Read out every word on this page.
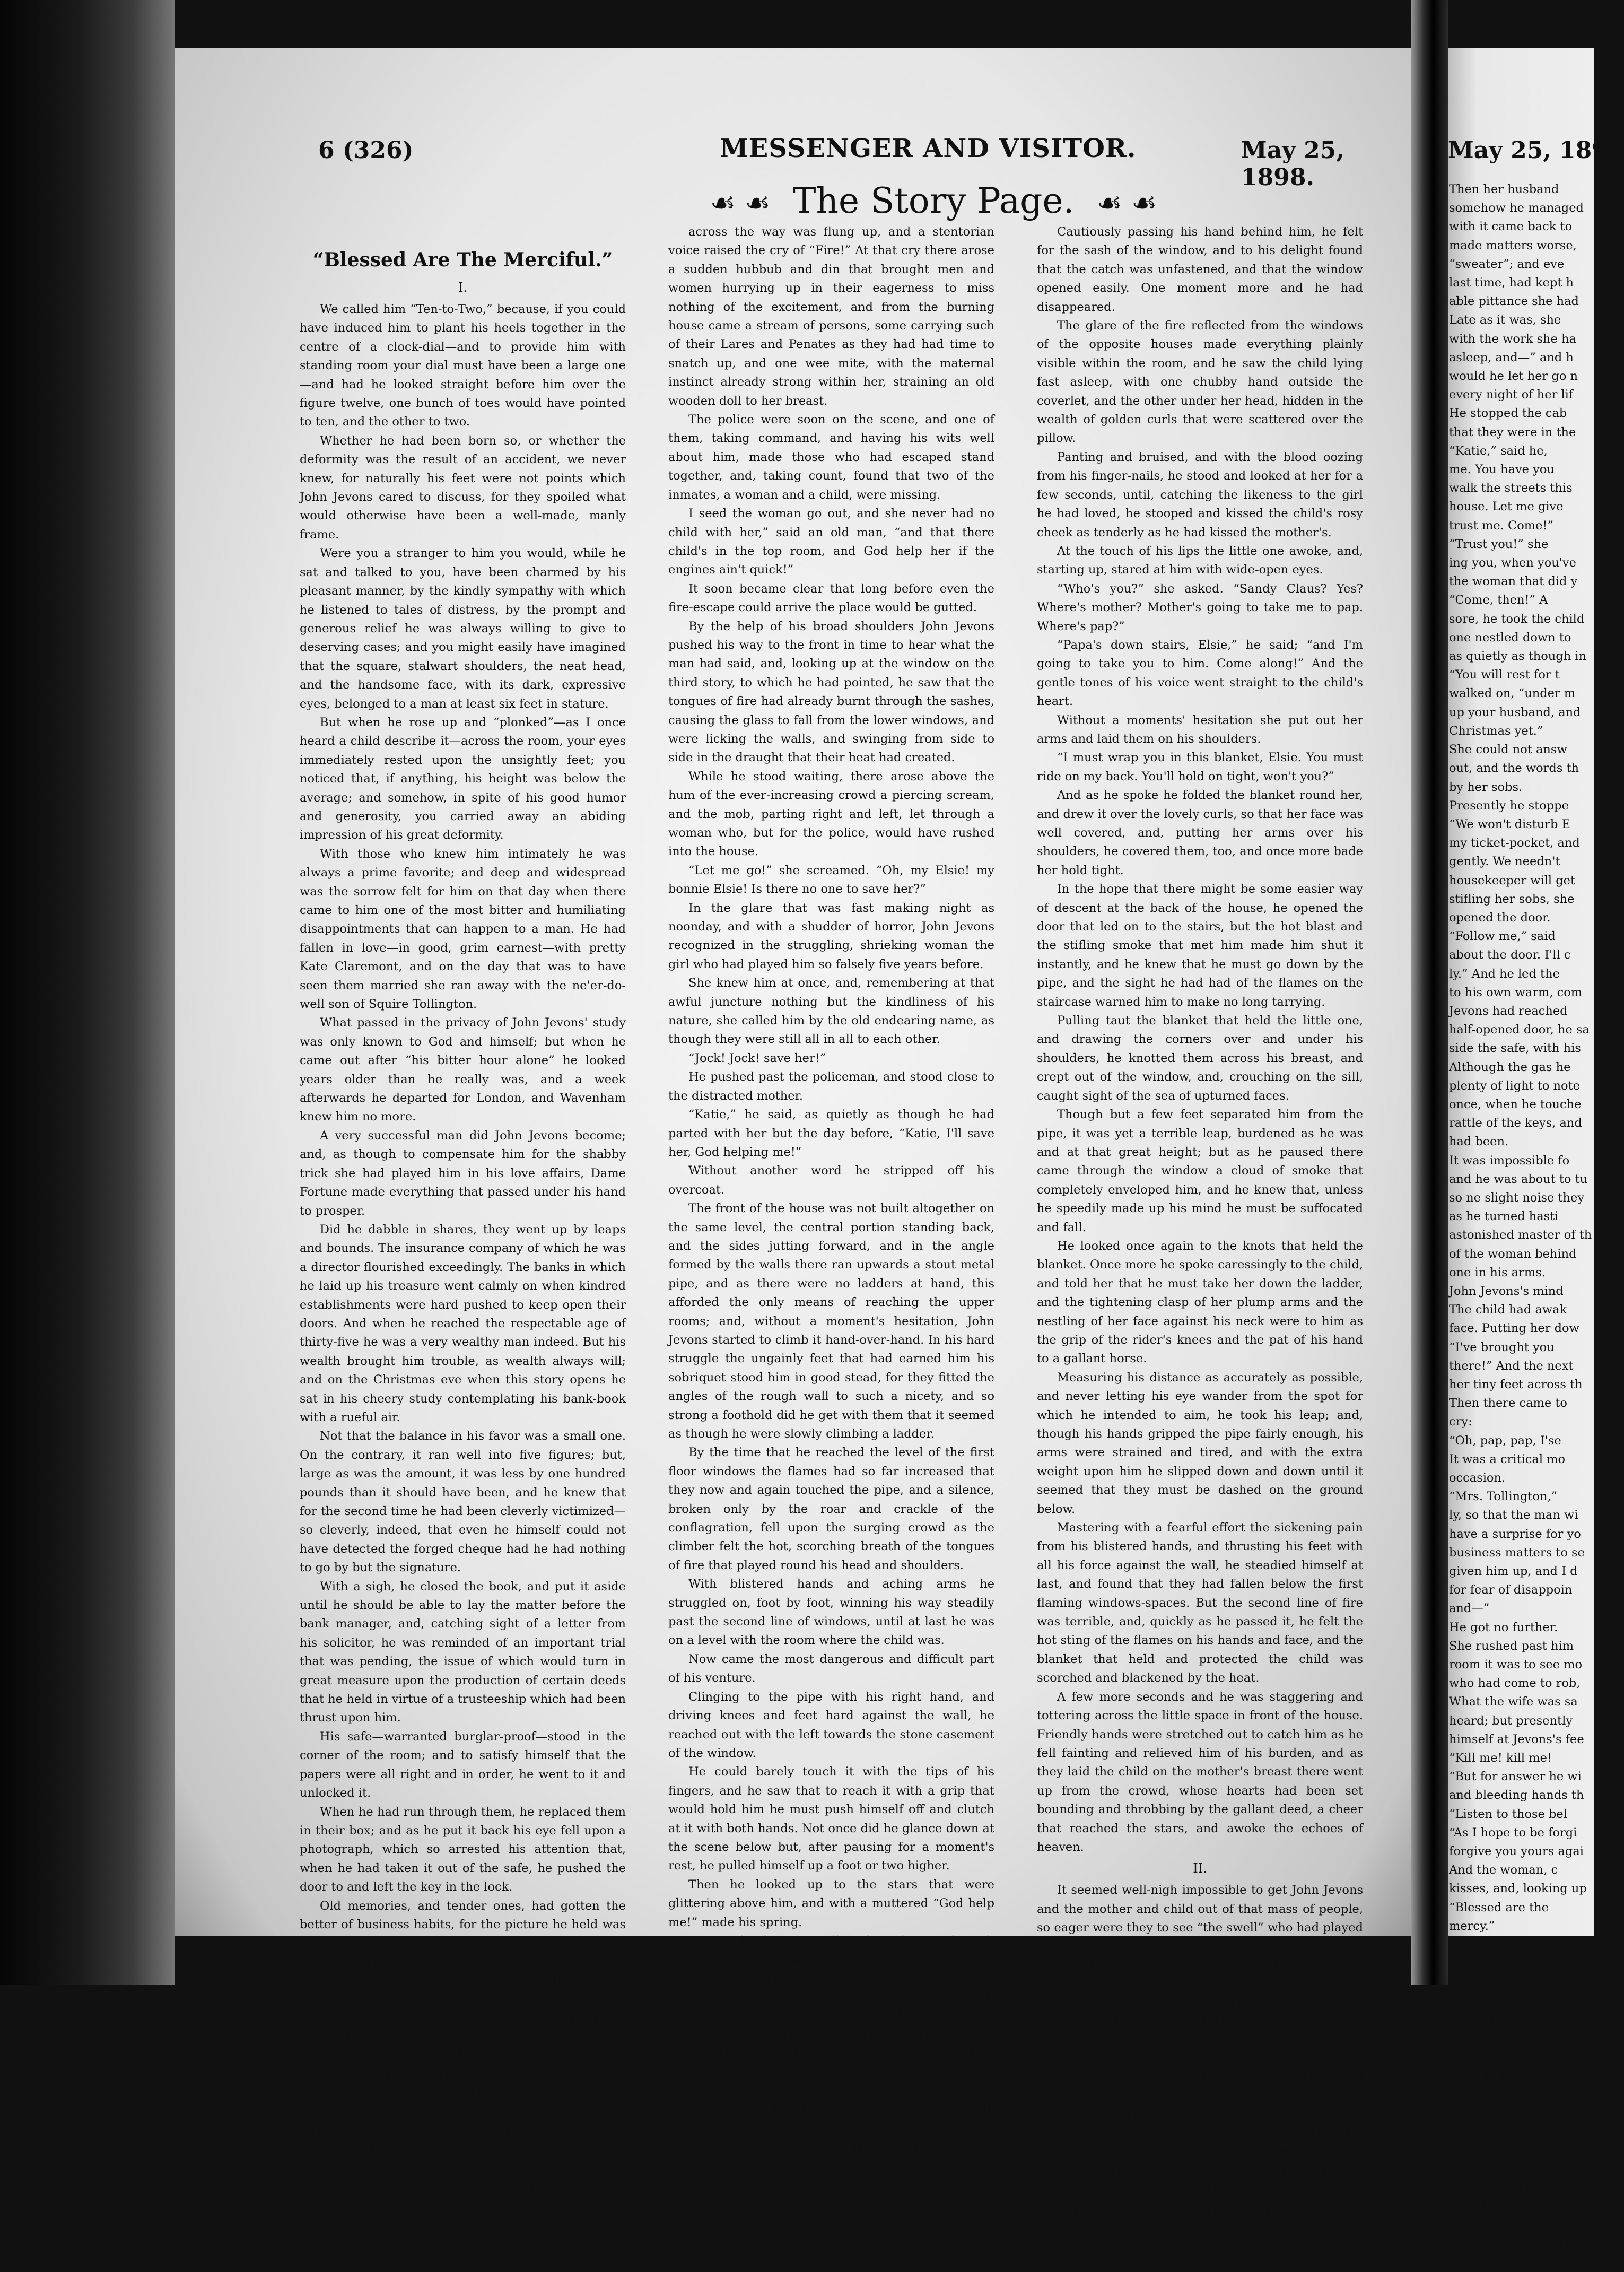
6 (326)	MESSENGER AND VISITOR.	May 25, 1898.
☙ ☙ The Story Page. ☙ ☙
“Blessed Are The Merciful.”
I.

We called him “Ten-to-Two,” because, if you could have induced him to plant his heels together in the centre of a clock-dial—and to provide him with standing room your dial must have been a large one—and had he looked straight before him over the figure twelve, one bunch of toes would have pointed to ten, and the other to two.

Whether he had been born so, or whether the deformity was the result of an accident, we never knew, for naturally his feet were not points which John Jevons cared to discuss, for they spoiled what would otherwise have been a well-made, manly frame.

Were you a stranger to him you would, while he sat and talked to you, have been charmed by his pleasant manner, by the kindly sympathy with which he listened to tales of distress, by the prompt and generous relief he was always willing to give to deserving cases; and you might easily have imagined that the square, stalwart shoulders, the neat head, and the handsome face, with its dark, expressive eyes, belonged to a man at least six feet in stature.

But when he rose up and “plonked”—as I once heard a child describe it—across the room, your eyes immediately rested upon the unsightly feet; you noticed that, if anything, his height was below the average; and somehow, in spite of his good humor and generosity, you carried away an abiding impression of his great deformity.

With those who knew him intimately he was always a prime favorite; and deep and widespread was the sorrow felt for him on that day when there came to him one of the most bitter and humiliating disappointments that can happen to a man. He had fallen in love—in good, grim earnest—with pretty Kate Claremont, and on the day that was to have seen them married she ran away with the ne'er-do-well son of Squire Tollington.

What passed in the privacy of John Jevons' study was only known to God and himself; but when he came out after “his bitter hour alone” he looked years older than he really was, and a week afterwards he departed for London, and Wavenham knew him no more.

A very successful man did John Jevons become; and, as though to compensate him for the shabby trick she had played him in his love affairs, Dame Fortune made everything that passed under his hand to prosper.

Did he dabble in shares, they went up by leaps and bounds. The insurance company of which he was a director flourished exceedingly. The banks in which he laid up his treasure went calmly on when kindred establishments were hard pushed to keep open their doors. And when he reached the respectable age of thirty-five he was a very wealthy man indeed. But his wealth brought him trouble, as wealth always will; and on the Christmas eve when this story opens he sat in his cheery study contemplating his bank-book with a rueful air.

Not that the balance in his favor was a small one. On the contrary, it ran well into five figures; but, large as was the amount, it was less by one hundred pounds than it should have been, and he knew that for the second time he had been cleverly victimized—so cleverly, indeed, that even he himself could not have detected the forged cheque had he had nothing to go by but the signature.

With a sigh, he closed the book, and put it aside until he should be able to lay the matter before the bank manager, and, catching sight of a letter from his solicitor, he was reminded of an important trial that was pending, the issue of which would turn in great measure upon the production of certain deeds that he held in virtue of a trusteeship which had been thrust upon him.

His safe—warranted burglar-proof—stood in the corner of the room; and to satisfy himself that the papers were all right and in order, he went to it and unlocked it.

When he had run through them, he replaced them in their box; and as he put it back his eye fell upon a photograph, which so arrested his attention that, when he had taken it out of the safe, he pushed the door to and left the key in the lock.

Old memories, and tender ones, had gotten the better of business habits, for the picture he held was that of Kate Claremont; and such a flood of bitter-sweet recollections came over him, so many clearly-cut visions of what might have been, that he sat staring into the fire for well-nigh half an hour.

It was getting late, the servants had all retired; but to drive away his sorrow he slipped a coat over his evening-dress—for he had been dining at the club—and went out into the streets.

The night was clear and frosty, and he moved along briskly, for he was a fast walker, in spite of his deformity, and presently found himself in a street with which he was not familiar. The houses on either side were lofty, but it was plain to behold that they were the dwellings of artisans and the like; and he was standing, undecided as to whether he should go on or turn back, when a window

across the way was flung up, and a stentorian voice raised the cry of “Fire!” At that cry there arose a sudden hubbub and din that brought men and women hurrying up in their eagerness to miss nothing of the excitement, and from the burning house came a stream of persons, some carrying such of their Lares and Penates as they had had time to snatch up, and one wee mite, with the maternal instinct already strong within her, straining an old wooden doll to her breast.

The police were soon on the scene, and one of them, taking command, and having his wits well about him, made those who had escaped stand together, and, taking count, found that two of the inmates, a woman and a child, were missing.

I seed the woman go out, and she never had no child with her,” said an old man, “and that there child's in the top room, and God help her if the engines ain't quick!”

It soon became clear that long before even the fire-escape could arrive the place would be gutted.

By the help of his broad shoulders John Jevons pushed his way to the front in time to hear what the man had said, and, looking up at the window on the third story, to which he had pointed, he saw that the tongues of fire had already burnt through the sashes, causing the glass to fall from the lower windows, and were licking the walls, and swinging from side to side in the draught that their heat had created.

While he stood waiting, there arose above the hum of the ever-increasing crowd a piercing scream, and the mob, parting right and left, let through a woman who, but for the police, would have rushed into the house.

“Let me go!” she screamed. “Oh, my Elsie! my bonnie Elsie! Is there no one to save her?”

In the glare that was fast making night as noonday, and with a shudder of horror, John Jevons recognized in the struggling, shrieking woman the girl who had played him so falsely five years before.

She knew him at once, and, remembering at that awful juncture nothing but the kindliness of his nature, she called him by the old endearing name, as though they were still all in all to each other.

“Jock! Jock! save her!”

He pushed past the policeman, and stood close to the distracted mother.

“Katie,” he said, as quietly as though he had parted with her but the day before, “Katie, I'll save her, God helping me!”

Without another word he stripped off his overcoat.

The front of the house was not built altogether on the same level, the central portion standing back, and the sides jutting forward, and in the angle formed by the walls there ran upwards a stout metal pipe, and as there were no ladders at hand, this afforded the only means of reaching the upper rooms; and, without a moment's hesitation, John Jevons started to climb it hand-over-hand. In his hard struggle the ungainly feet that had earned him his sobriquet stood him in good stead, for they fitted the angles of the rough wall to such a nicety, and so strong a foothold did he get with them that it seemed as though he were slowly climbing a ladder.

By the time that he reached the level of the first floor windows the flames had so far increased that they now and again touched the pipe, and a silence, broken only by the roar and crackle of the conflagration, fell upon the surging crowd as the climber felt the hot, scorching breath of the tongues of fire that played round his head and shoulders.

With blistered hands and aching arms he struggled on, foot by foot, winning his way steadily past the second line of windows, until at last he was on a level with the room where the child was.

Now came the most dangerous and difficult part of his venture.

Clinging to the pipe with his right hand, and driving knees and feet hard against the wall, he reached out with the left towards the stone casement of the window.

He could barely touch it with the tips of his fingers, and he saw that to reach it with a grip that would hold him he must push himself off and clutch at it with both hands. Not once did he glance down at the scene below but, after pausing for a moment's rest, he pulled himself up a foot or two higher.

Then he looked up to the stars that were glittering above him, and with a muttered “God help me!” made his spring.

He caught the stone sill fairly and squarely with both hands, and then began a struggle that made women faint and men turn shudderingly away.

Hanging up there forty feet above the ground, and right over the flames that seemed to leap at him, he strained upwards against the face of the wall until the muscles of his stalwart arms stood out like iron bands.

Inch by inch he struggled up with sheer, dogged pluck. Presently his elbows rested on the broad sill, and when at last, and with the nicest balance, he slowly turned and sat upon it, there went up from the crowd a sigh of relief.

Cautiously passing his hand behind him, he felt for the sash of the window, and to his delight found that the catch was unfastened, and that the window opened easily. One moment more and he had disappeared.

The glare of the fire reflected from the windows of the opposite houses made everything plainly visible within the room, and he saw the child lying fast asleep, with one chubby hand outside the coverlet, and the other under her head, hidden in the wealth of golden curls that were scattered over the pillow.

Panting and bruised, and with the blood oozing from his finger-nails, he stood and looked at her for a few seconds, until, catching the likeness to the girl he had loved, he stooped and kissed the child's rosy cheek as tenderly as he had kissed the mother's.

At the touch of his lips the little one awoke, and, starting up, stared at him with wide-open eyes.

“Who's you?” she asked. “Sandy Claus? Yes? Where's mother? Mother's going to take me to pap. Where's pap?”

“Papa's down stairs, Elsie,” he said; “and I'm going to take you to him. Come along!” And the gentle tones of his voice went straight to the child's heart.

Without a moments' hesitation she put out her arms and laid them on his shoulders.

“I must wrap you in this blanket, Elsie. You must ride on my back. You'll hold on tight, won't you?”

And as he spoke he folded the blanket round her, and drew it over the lovely curls, so that her face was well covered, and, putting her arms over his shoulders, he covered them, too, and once more bade her hold tight.

In the hope that there might be some easier way of descent at the back of the house, he opened the door that led on to the stairs, but the hot blast and the stifling smoke that met him made him shut it instantly, and he knew that he must go down by the pipe, and the sight he had had of the flames on the staircase warned him to make no long tarrying.

Pulling taut the blanket that held the little one, and drawing the corners over and under his shoulders, he knotted them across his breast, and crept out of the window, and, crouching on the sill, caught sight of the sea of upturned faces.

Though but a few feet separated him from the pipe, it was yet a terrible leap, burdened as he was and at that great height; but as he paused there came through the window a cloud of smoke that completely enveloped him, and he knew that, unless he speedily made up his mind he must be suffocated and fall.

He looked once again to the knots that held the blanket. Once more he spoke caressingly to the child, and told her that he must take her down the ladder, and the tightening clasp of her plump arms and the nestling of her face against his neck were to him as the grip of the rider's knees and the pat of his hand to a gallant horse.

Measuring his distance as accurately as possible, and never letting his eye wander from the spot for which he intended to aim, he took his leap; and, though his hands gripped the pipe fairly enough, his arms were strained and tired, and with the extra weight upon him he slipped down and down until it seemed that they must be dashed on the ground below.

Mastering with a fearful effort the sickening pain from his blistered hands, and thrusting his feet with all his force against the wall, he steadied himself at last, and found that they had fallen below the first flaming windows-spaces. But the second line of fire was terrible, and, quickly as he passed it, he felt the hot sting of the flames on his hands and face, and the blanket that held and protected the child was scorched and blackened by the heat.

A few more seconds and he was staggering and tottering across the little space in front of the house. Friendly hands were stretched out to catch him as he fell fainting and relieved him of his burden, and as they laid the child on the mother's breast there went up from the crowd, whose hearts had been set bounding and throbbing by the gallant deed, a cheer that reached the stars, and awoke the echoes of heaven.

II.

It seemed well-nigh impossible to get John Jevons and the mother and child out of that mass of people, so eager were they to see “the swell” who had played the hero; but an engine dashed up, and made a lane through them, and before it could be filled again the police had got the three through it and into a cab. As they drove to the address that Jevons had given, the mother, holding her child, told how she had come to this pass. For months she had seen nothing of her husband. They had come to London immediately after their marriage, and for a while had lived happily; but their money was soon spent, and then began a desperate struggle with poverty. Lower and lower they sank, and with no one to help them; for though they had both of them humbled themselves to ask aid of their people, they got nothing thereby except the cold comfort of hearing that, as they had made their beds, so they might lie on them.

May 25, 1898
Then her husband
somehow he managed
with it came back to
made matters worse,
“sweater”; and eve
last time, had kept h
able pittance she had
Late as it was, she
with the work she ha
asleep, and—” and h
would he let her go n
every night of her lif
He stopped the cab
that they were in the
“Katie,” said he,
me. You have you
walk the streets this
house. Let me give
trust me. Come!”
“Trust you!” she
ing you, when you've
the woman that did y
“Come, then!” A
sore, he took the child
one nestled down to
as quietly as though in
“You will rest for t
walked on, “under m
up your husband, and
Christmas yet.”
She could not answ
out, and the words th
by her sobs.
Presently he stoppe
“We won't disturb E
my ticket-pocket, and
gently. We needn't
housekeeper will get
stifling her sobs, she
opened the door.
“Follow me,” said
about the door. I'll c
ly.” And he led the
to his own warm, com
Jevons had reached
half-opened door, he sa
side the safe, with his
Although the gas he
plenty of light to note
once, when he touche
rattle of the keys, and
had been.
It was impossible fo
and he was about to tu
so ne slight noise they
as he turned hasti
astonished master of th
of the woman behind
one in his arms.
John Jevons's mind
The child had awak
face. Putting her dow
“I've brought you
there!” And the next
her tiny feet across th
Then there came to
cry:
“Oh, pap, pap, I'se
It was a critical mo
occasion.
“Mrs. Tollington,”
ly, so that the man wi
have a surprise for yo
business matters to se
given him up, and I d
for fear of disappoin
and—”
He got no further.
She rushed past him
room it was to see mo
who had come to rob,
What the wife was sa
heard; but presently
himself at Jevons's fee
“Kill me! kill me!
“But for answer he wi
and bleeding hands th
“Listen to those bel
“As I hope to be forgi
forgive you yours agai
And the woman, c
kisses, and, looking up
“Blessed are the
mercy.”
* * *
The next morning, i
ington confessed every
gang of forgers and ho
had fallen, and he had
that Christmas eve ea
which one of the gang
knew to be of great va
the issue of an importa
that it was he who had
His explanations were
by the gang was broken
A week later a little
ward-bound steamer, a
“Good-bye and God-
the blessings of husban
a tiny golden curl fro
saved.—Edwin Hughes
